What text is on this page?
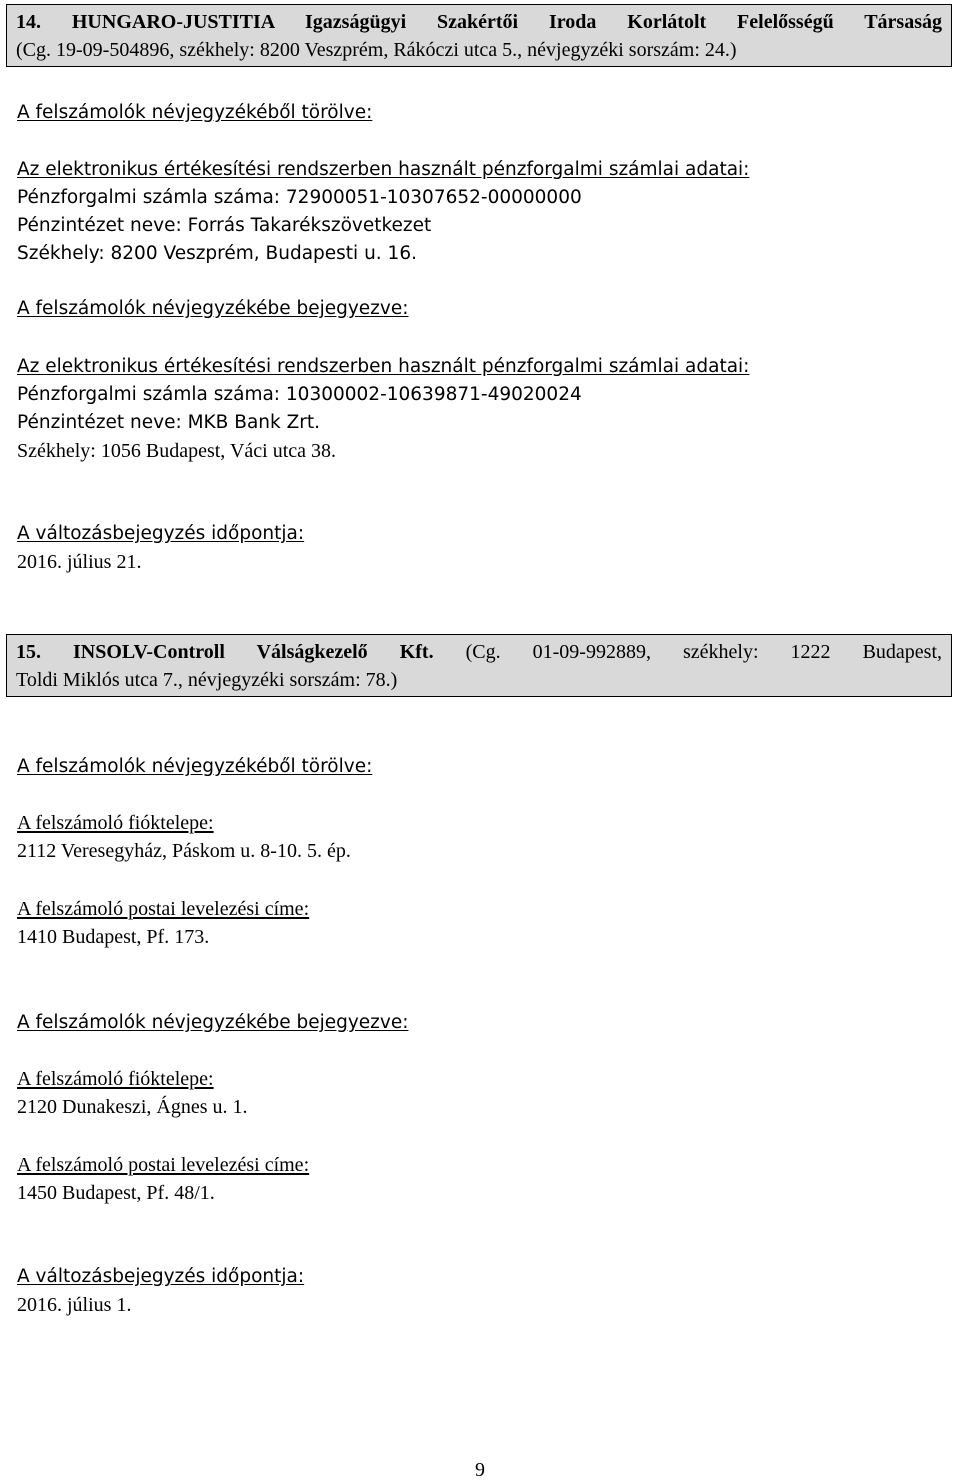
14. HUNGARO-JUSTITIA Igazságügyi Szakértői Iroda Korlátolt Felelősségű Társaság
(Cg. 19-09-504896, székhely: 8200 Veszprém, Rákóczi utca 5., névjegyzéki sorszám: 24.)
A felszámolók névjegyzékéből törölve:
Az elektronikus értékesítési rendszerben használt pénzforgalmi számlai adatai:
Pénzforgalmi számla száma: 72900051-10307652-00000000
Pénzintézet neve: Forrás Takarékszövetkezet
Székhely: 8200 Veszprém, Budapesti u. 16.
A felszámolók névjegyzékébe bejegyezve:
Az elektronikus értékesítési rendszerben használt pénzforgalmi számlai adatai:
Pénzforgalmi számla száma: 10300002-10639871-49020024
Pénzintézet neve: MKB Bank Zrt.
Székhely: 1056 Budapest, Váci utca 38.
A változásbejegyzés időpontja:
2016. július 21.
15. INSOLV-Controll Válságkezelő Kft. (Cg. 01-09-992889, székhely: 1222 Budapest,
Toldi Miklós utca 7., névjegyzéki sorszám: 78.)
A felszámolók névjegyzékéből törölve:
A felszámoló fióktelepe:
2112 Veresegyház, Páskom u. 8-10. 5. ép.
A felszámoló postai levelezési címe:
1410 Budapest, Pf. 173.
A felszámolók névjegyzékébe bejegyezve:
A felszámoló fióktelepe:
2120 Dunakeszi, Ágnes u. 1.
A felszámoló postai levelezési címe:
1450 Budapest, Pf. 48/1.
A változásbejegyzés időpontja:
2016. július 1.
9
